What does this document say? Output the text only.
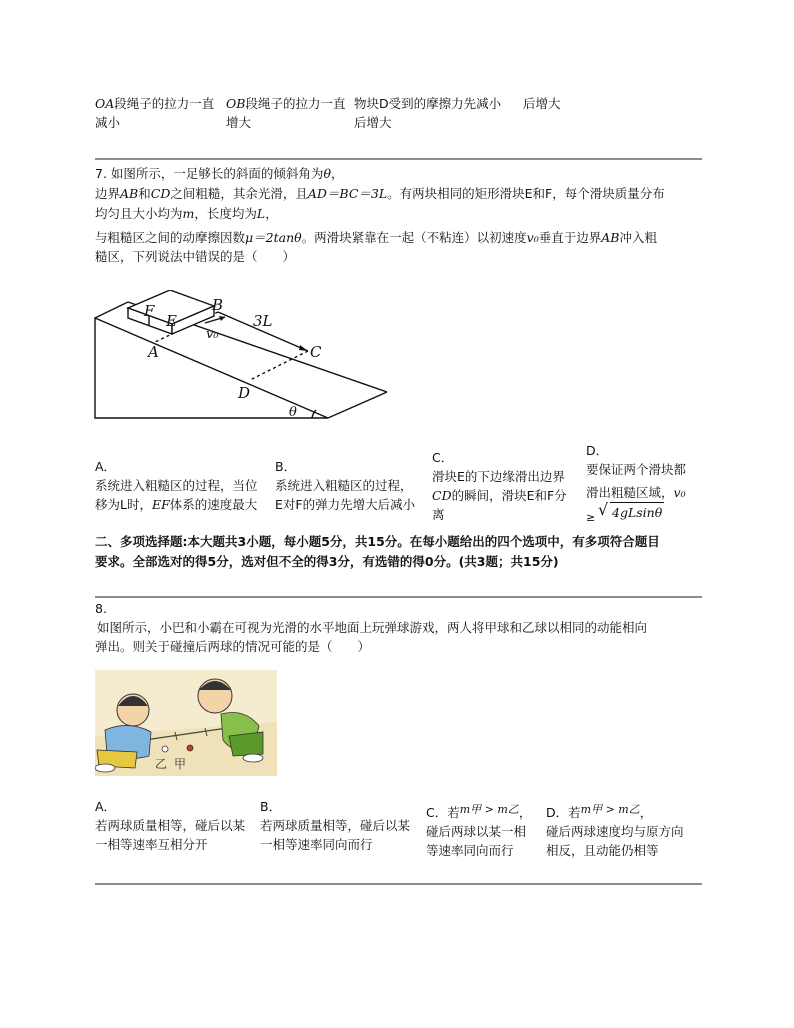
OA段绳子的拉力一直
减小
OB段绳子的拉力一直
增大
物块D受到的摩擦力先减小
后增大
后增大
7. 如图所示，一足够长的斜面的倾斜角为θ，
边界AB和CD之间粗糙，其余光滑，且AD＝BC＝3L。有两块相同的矩形滑块E和F，每个滑块质量分布
均匀且大小均为m，长度均为L，
与粗糙区之间的动摩擦因数μ＝2tanθ。两滑块紧靠在一起（不粘连）以初速度v₀垂直于边界AB冲入粗
糙区，下列说法中错误的是（　　）
F
E
B
v₀
3L
A	C
D
θ
A．
系统进入粗糙区的过程，当位
移为L时，EF体系的速度最大
B．
系统进入粗糙区的过程，
E对F的弹力先增大后减小
C．
滑块E的下边缘滑出边界
CD的瞬间，滑块E和F分
离
D．
要保证两个滑块都
滑出粗糙区域，v₀
≥ √ 4gLsinθ
二、多项选择题:本大题共3小题，每小题5分，共15分。在每小题给出的四个选项中，有多项符合题目
要求。全部选对的得5分，选对但不全的得3分，有选错的得0分。(共3题；共15分)
8.
如图所示，小巴和小霸在可视为光滑的水平地面上玩弹球游戏，两人将甲球和乙球以相同的动能相向
弹出。则关于碰撞后两球的情况可能的是（　　）
乙 甲
A．
若两球质量相等，碰后以某
一相等速率互相分开
B．
若两球质量相等，碰后以某
一相等速率同向而行
C．若m甲 > m乙，
碰后两球以某一相
等速率同向而行
D．若m甲 > m乙，
碰后两球速度均与原方向
相反，且动能仍相等
